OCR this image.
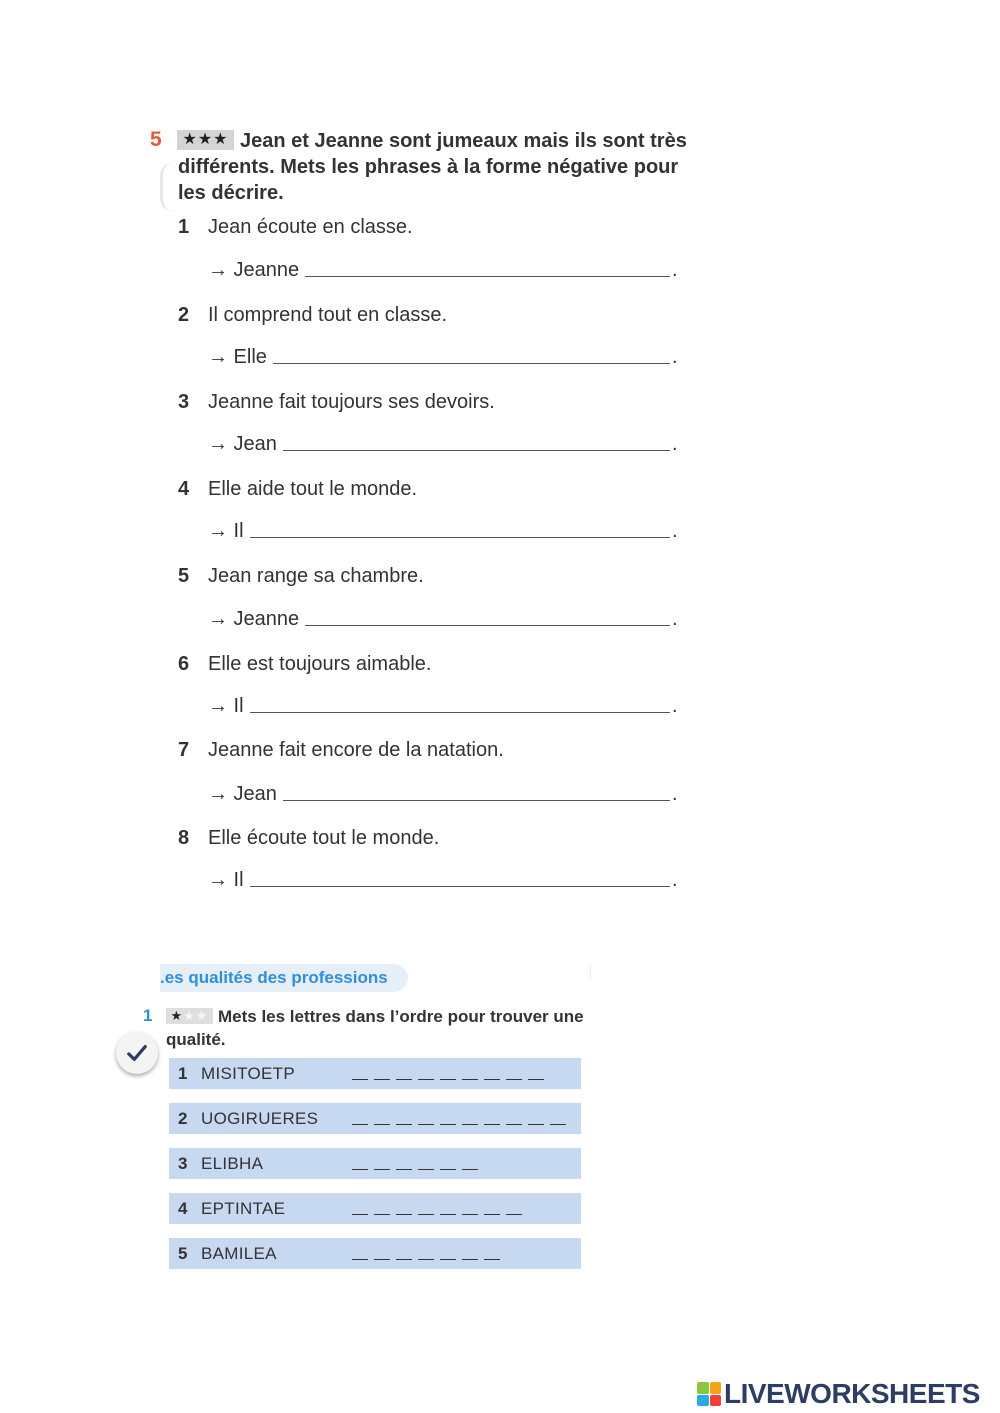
5	Jean et Jeanne sont jumeaux mais ils sont très différents. Mets les phrases à la forme négative pour les décrire.
★★★
1 Jean écoute en classe.
→ Jeanne	.
2 Il comprend tout en classe.
→ Elle	.
3 Jeanne fait toujours ses devoirs.
→ Jean	.
4 Elle aide tout le monde.
→ Il	.
5 Jean range sa chambre.
→ Jeanne	.
6 Elle est toujours aimable.
→ Il	.
7 Jeanne fait encore de la natation.
→ Jean	.
8 Elle écoute tout le monde.
→ Il	.
.es qualités des professions
1	Mets les lettres dans l’ordre pour trouver une qualité.
★★★
1 MISITOETP
2 UOGIRUERES
3 ELIBHA
4 EPTINTAE
5 BAMILEA
LIVEWORKSHEETS
